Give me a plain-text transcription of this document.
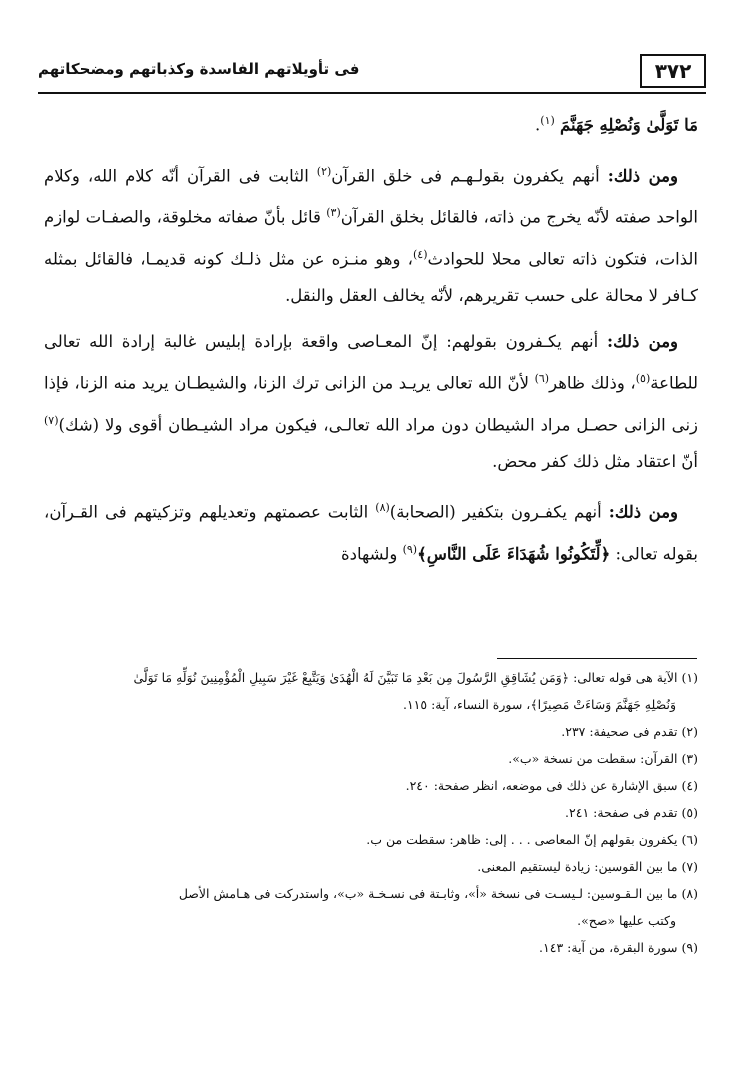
٣٧٢
فى تأويلاتهم الفاسدة وكذباتهم ومضحكاتهم

مَا تَوَلَّىٰ وَنُصْلِهِ جَهَنَّمَ $^{(١)}$.

ومن ذلك: أنهم يكفرون بقولـهـم فى خلق القرآن$^{(٢)}$ الثابت فى القرآن أنّه كلام الله، وكلام الواحد صفته لأنّه يخرج من ذاته، فالقائل بخلق القرآن$^{(٣)}$ قائل بأنّ صفاته مخلوقة، والصفـات لوازم الذات، فتكون ذاته تعالى محلا للحوادث$^{(٤)}$، وهو منـزه عن مثل ذلـك كونه قديمـا، فالقائل بمثله كـافر لا محالة على حسب تقريرهم، لأنّه يخالف العقل والنقل.

ومن ذلك: أنهم يكـفرون بقولهم: إنّ المعـاصى واقعة بإرادة إبليس غالبة إرادة الله تعالى للطاعة$^{(٥)}$، وذلك ظاهر$^{(٦)}$ لأنّ الله تعالى يريـد من الزانى ترك الزنا، والشيطـان يريد منه الزنا، فإذا زنى الزانى حصـل مراد الشيطان دون مراد الله تعالـى، فيكون مراد الشيـطان أقوى ولا (شك)$^{(٧)}$ أنّ اعتقاد مثل ذلك كفر محض.

ومن ذلك: أنهم يكفـرون بتكفير (الصحابة)$^{(٨)}$ الثابت عصمتهم وتعديلهم وتزكيتهم فى القـرآن، بقوله تعالى: ﴿لِّتَكُونُوا شُهَدَاءَ عَلَى النَّاسِ﴾$^{(٩)}$ ولشهادة

(١) الآية هى قوله تعالى: ﴿وَمَن يُشَاقِقِ الرَّسُولَ مِن بَعْدِ مَا تَبَيَّنَ لَهُ الْهُدَىٰ وَيَتَّبِعْ غَيْرَ سَبِيلِ الْمُؤْمِنِينَ نُوَلِّهِ مَا تَوَلَّىٰ
وَنُصْلِهِ جَهَنَّمَ وَسَاءَتْ مَصِيرًا﴾، سورة النساء، آية: ١١٥.
(٢) تقدم فى صحيفة: ٢٣٧.
(٣) القرآن: سقطت من نسخة «ب».
(٤) سبق الإشارة عن ذلك فى موضعه، انظر صفحة: ٢٤٠.
(٥) تقدم فى صفحة: ٢٤١.
(٦) يكفرون بقولهم إنّ المعاصى . . . إلى: ظاهر: سقطت من ب.
(٧) ما بين القوسين: زيادة ليستقيم المعنى.
(٨) ما بين الـقـوسين: لـيسـت فى نسخة «أ»، وثابـتة فى نسـخـة «ب»، واستدركت فى هـامش الأصل
وكتب عليها «صح».
(٩) سورة البقرة، من آية: ١٤٣.
